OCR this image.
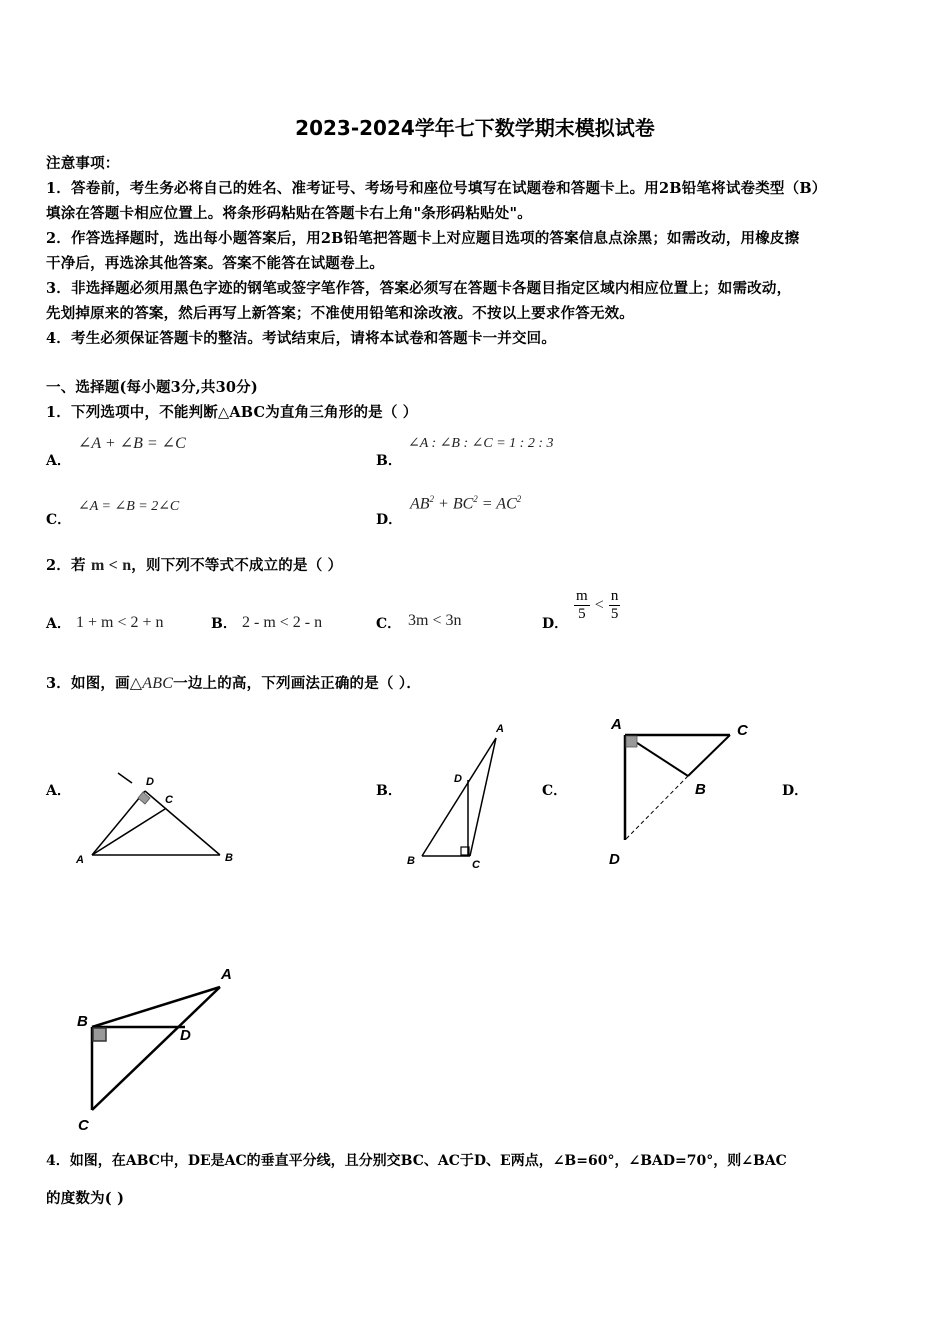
2023-2024学年七下数学期末模拟试卷
注意事项：
1．答卷前，考生务必将自己的姓名、准考证号、考场号和座位号填写在试题卷和答题卡上。用2B铅笔将试卷类型（B）
填涂在答题卡相应位置上。将条形码粘贴在答题卡右上角"条形码粘贴处"。
2．作答选择题时，选出每小题答案后，用2B铅笔把答题卡上对应题目选项的答案信息点涂黑；如需改动，用橡皮擦
干净后，再选涂其他答案。答案不能答在试题卷上。
3．非选择题必须用黑色字迹的钢笔或签字笔作答，答案必须写在答题卡各题目指定区域内相应位置上；如需改动，
先划掉原来的答案，然后再写上新答案；不准使用铅笔和涂改液。不按以上要求作答无效。
4．考生必须保证答题卡的整洁。考试结束后，请将本试卷和答题卡一并交回。
一、选择题(每小题3分,共30分)
1．下列选项中，不能判断△ABC为直角三角形的是（ ）
A．
∠A + ∠B = ∠C
B．
∠A : ∠B : ∠C = 1 : 2 : 3
C．
∠A = ∠B = 2∠C
D．
$AB^2 + BC^2 = AC^2$
2．若 m < n，则下列不等式不成立的是（ ）
A． 1 + m < 2 + n	B． 2 - m < 2 - n	C． 3m < 3n	D．
$\frac{m}{5} < \frac{n}{5}$
3．如图，画△ABC一边上的高，下列画法正确的是（ ）．
A．	B．	C．	D．
D
C
A	B
A
D
B	C
A	C
B
D
A
B
D
C
4．如图，在ABC中，DE是AC的垂直平分线，且分别交BC、AC于D、E两点，∠B=60°，∠BAD=70°，则∠BAC
的度数为( )
